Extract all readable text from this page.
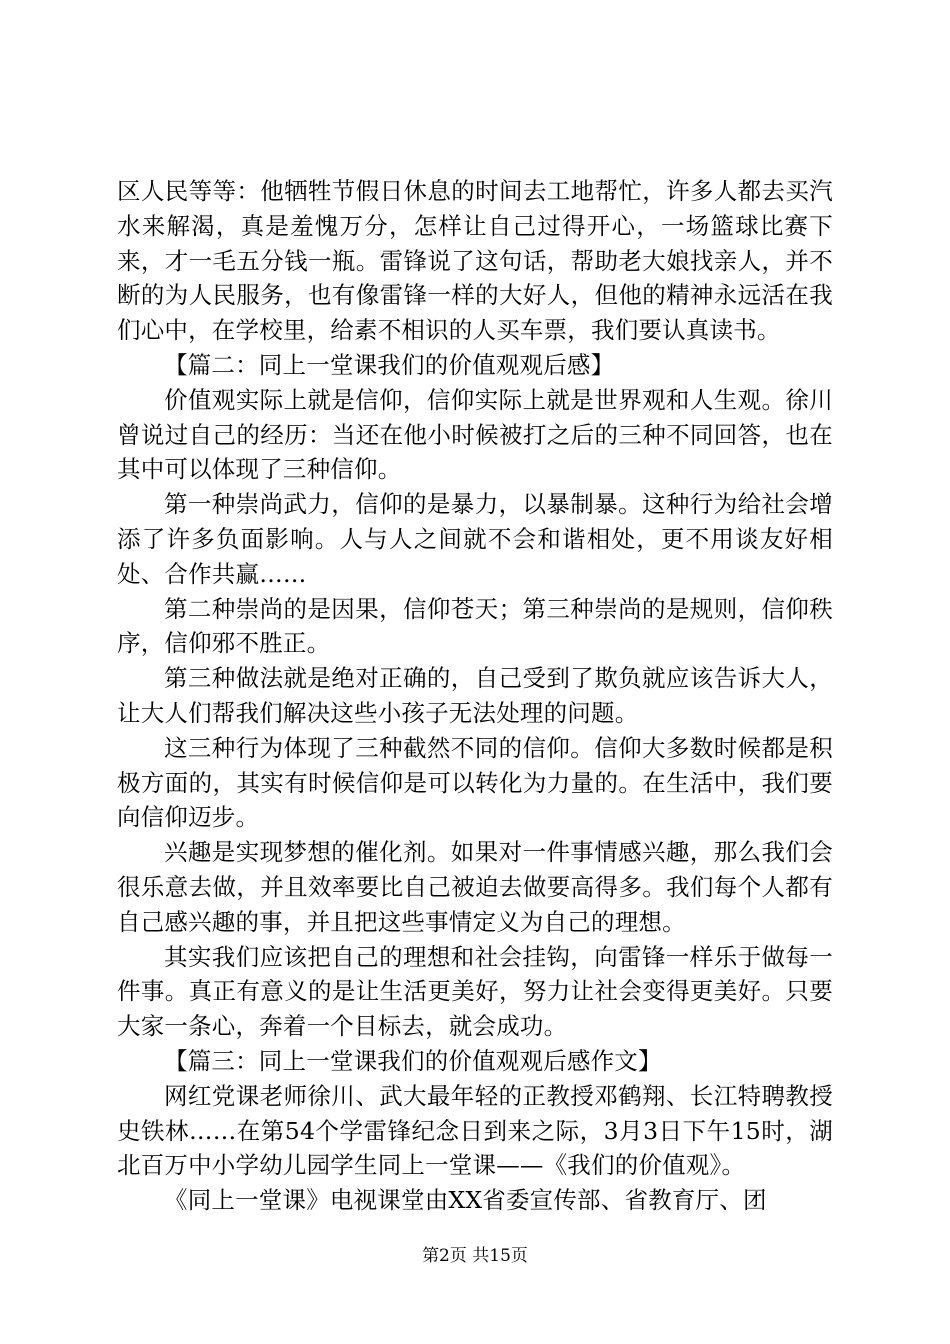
区人民等等：他牺牲节假日休息的时间去工地帮忙，许多人都去买汽水来解渴，真是羞愧万分，怎样让自己过得开心，一场篮球比赛下来，才一毛五分钱一瓶。雷锋说了这句话，帮助老大娘找亲人，并不断的为人民服务，也有像雷锋一样的大好人，但他的精神永远活在我们心中，在学校里，给素不相识的人买车票，我们要认真读书。

【篇二：同上一堂课我们的价值观观后感】

价值观实际上就是信仰，信仰实际上就是世界观和人生观。徐川曾说过自己的经历：当还在他小时候被打之后的三种不同回答，也在其中可以体现了三种信仰。

第一种崇尚武力，信仰的是暴力，以暴制暴。这种行为给社会增添了许多负面影响。人与人之间就不会和谐相处，更不用谈友好相处、合作共赢……

第二种崇尚的是因果，信仰苍天；第三种崇尚的是规则，信仰秩序，信仰邪不胜正。

第三种做法就是绝对正确的，自己受到了欺负就应该告诉大人，让大人们帮我们解决这些小孩子无法处理的问题。

这三种行为体现了三种截然不同的信仰。信仰大多数时候都是积极方面的，其实有时候信仰是可以转化为力量的。在生活中，我们要向信仰迈步。

兴趣是实现梦想的催化剂。如果对一件事情感兴趣，那么我们会很乐意去做，并且效率要比自己被迫去做要高得多。我们每个人都有自己感兴趣的事，并且把这些事情定义为自己的理想。

其实我们应该把自己的理想和社会挂钩，向雷锋一样乐于做每一件事。真正有意义的是让生活更美好，努力让社会变得更美好。只要大家一条心，奔着一个目标去，就会成功。

【篇三：同上一堂课我们的价值观观后感作文】

网红党课老师徐川、武大最年轻的正教授邓鹤翔、长江特聘教授史铁林……在第54个学雷锋纪念日到来之际，3月3日下午15时，湖北百万中小学幼儿园学生同上一堂课——《我们的价值观》。

《同上一堂课》电视课堂由XX省委宣传部、省教育厅、团

第2页 共15页
